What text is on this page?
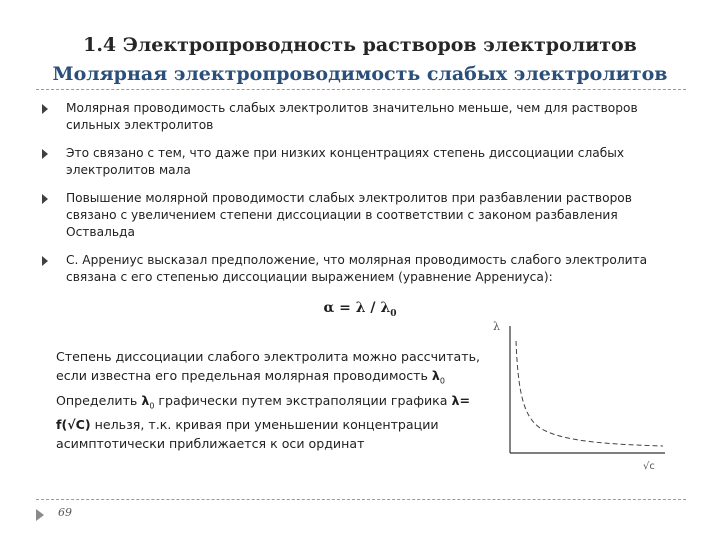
1.4 Электропроводность растворов электролитов
Молярная электропроводимость слабых электролитов
Молярная проводимость слабых электролитов значительно меньше, чем для растворов сильных электролитов
Это связано с тем, что даже при низких концентрациях степень диссоциации слабых электролитов мала
Повышение молярной проводимости слабых электролитов при разбавлении растворов связано с увеличением степени диссоциации в соответствии с законом разбавления Оствальда
С. Аррениус высказал предположение, что молярная проводимость слабого электролита связана с его степенью диссоциации выражением (уравнение Аррениуса):
$\alpha = \lambda / \lambda_0$
Степень диссоциации слабого электролита можно рассчитать, если известна его предельная молярная проводимость $\lambda_0$ Определить $\lambda_0$ графически путем экстраполяции графика λ= f(√C) нельзя, т.к. кривая при уменьшении концентрации асимптотически приближается к оси ординат
λ
√c
69
